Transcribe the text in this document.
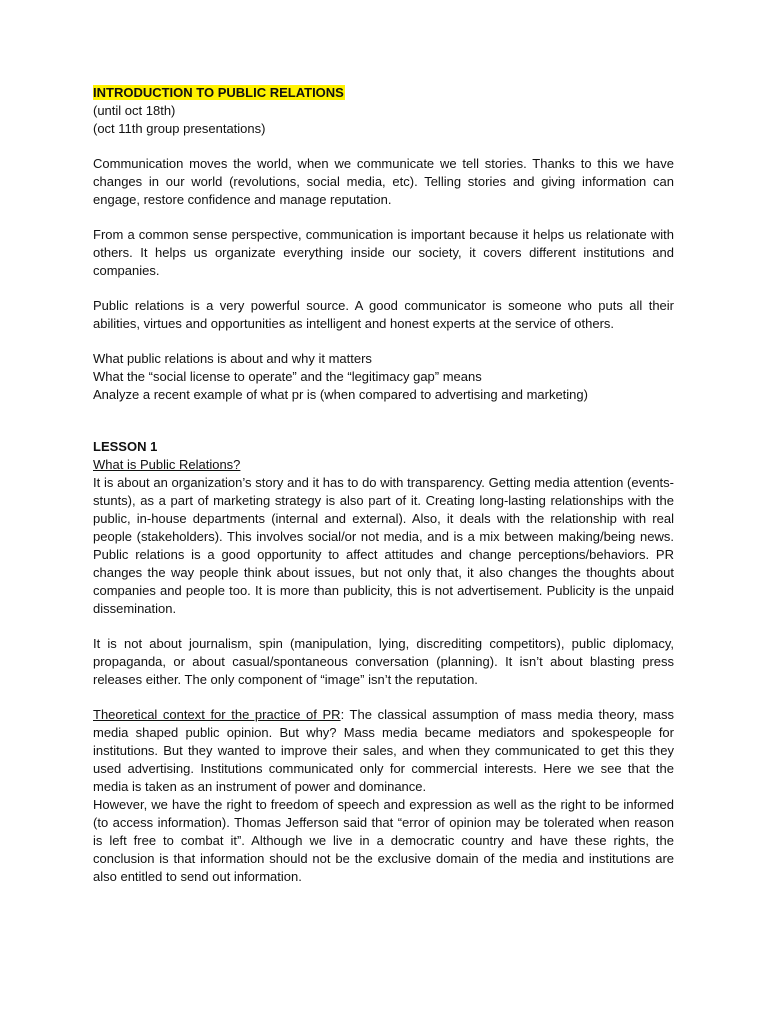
INTRODUCTION TO PUBLIC RELATIONS

(until oct 18th)

(oct 11th group presentations)

Communication moves the world, when we communicate we tell stories. Thanks to this we have changes in our world (revolutions, social media, etc). Telling stories and giving information can engage, restore confidence and manage reputation.

From a common sense perspective, communication is important because it helps us relationate with others. It helps us organizate everything inside our society, it covers different institutions and companies.

Public relations is a very powerful source. A good communicator is someone who puts all their abilities, virtues and opportunities as intelligent and honest experts at the service of others.

What public relations is about and why it matters

What the “social license to operate” and the “legitimacy gap” means

Analyze a recent example of what pr is (when compared to advertising and marketing)

LESSON 1

What is Public Relations?

It is about an organization’s story and it has to do with transparency. Getting media attention (events-stunts), as a part of marketing strategy is also part of it. Creating long-lasting relationships with the public, in-house departments (internal and external). Also, it deals with the relationship with real people (stakeholders). This involves social/or not media, and is a mix between making/being news. Public relations is a good opportunity to affect attitudes and change perceptions/behaviors. PR changes the way people think about issues, but not only that, it also changes the thoughts about companies and people too. It is more than publicity, this is not advertisement. Publicity is the unpaid dissemination.

It is not about journalism, spin (manipulation, lying, discrediting competitors), public diplomacy, propaganda, or about casual/spontaneous conversation (planning). It isn’t about blasting press releases either. The only component of “image” isn’t the reputation.

Theoretical context for the practice of PR: The classical assumption of mass media theory, mass media shaped public opinion. But why? Mass media became mediators and spokespeople for institutions. But they wanted to improve their sales, and when they communicated to get this they used advertising. Institutions communicated only for commercial interests. Here we see that the media is taken as an instrument of power and dominance.

However, we have the right to freedom of speech and expression as well as the right to be informed (to access information). Thomas Jefferson said that “error of opinion may be tolerated when reason is left free to combat it”. Although we live in a democratic country and have these rights, the conclusion is that information should not be the exclusive domain of the media and institutions are also entitled to send out information.
